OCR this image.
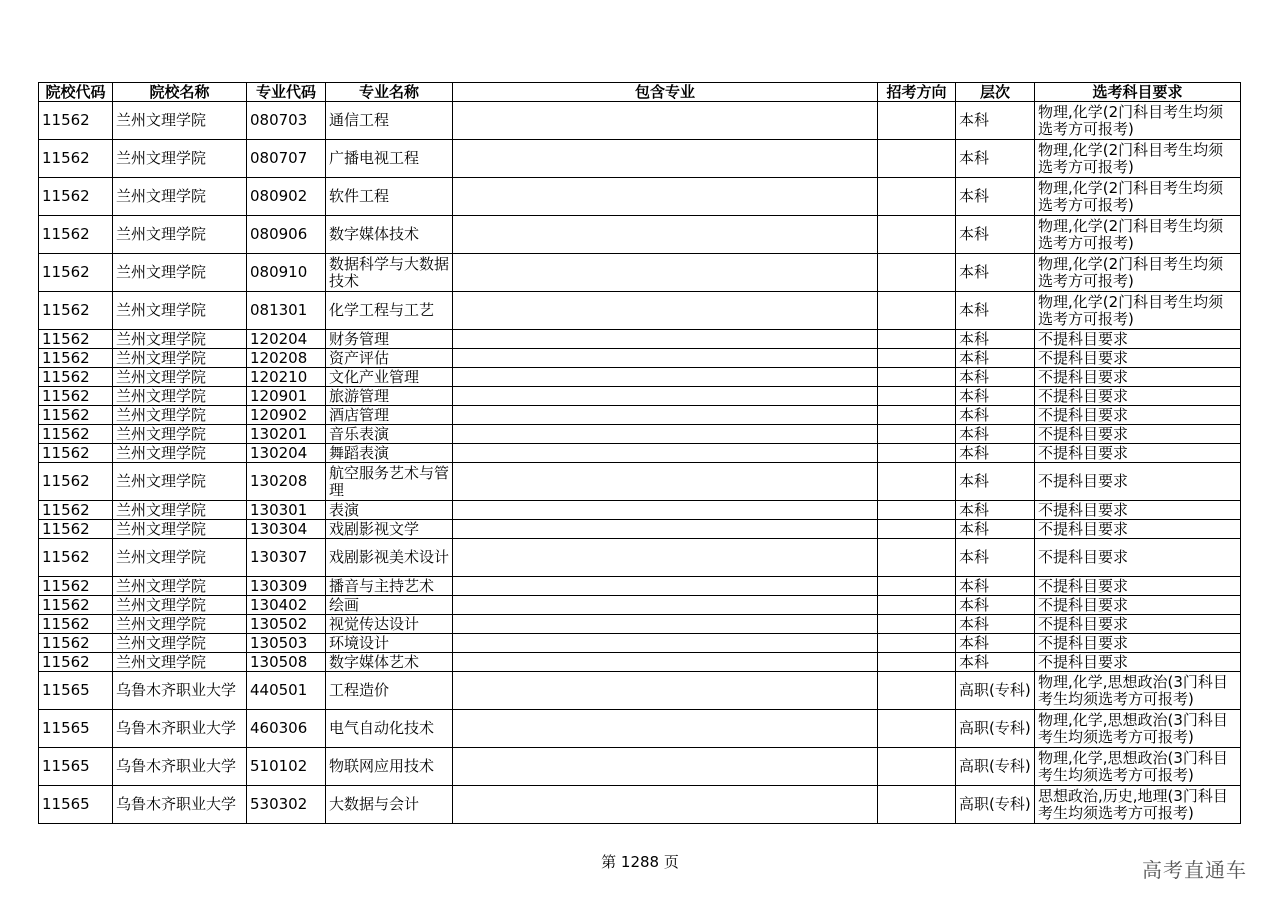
院校代码	院校名称	专业代码	专业名称	包含专业	招考方向	层次	选考科目要求
11562	兰州文理学院	080703	通信工程			本科	物理,化学(2门科目考生均须选考方可报考)
11562	兰州文理学院	080707	广播电视工程			本科	物理,化学(2门科目考生均须选考方可报考)
11562	兰州文理学院	080902	软件工程			本科	物理,化学(2门科目考生均须选考方可报考)
11562	兰州文理学院	080906	数字媒体技术			本科	物理,化学(2门科目考生均须选考方可报考)
11562	兰州文理学院	080910	数据科学与大数据技术			本科	物理,化学(2门科目考生均须选考方可报考)
11562	兰州文理学院	081301	化学工程与工艺			本科	物理,化学(2门科目考生均须选考方可报考)
11562	兰州文理学院	120204	财务管理			本科	不提科目要求
11562	兰州文理学院	120208	资产评估			本科	不提科目要求
11562	兰州文理学院	120210	文化产业管理			本科	不提科目要求
11562	兰州文理学院	120901	旅游管理			本科	不提科目要求
11562	兰州文理学院	120902	酒店管理			本科	不提科目要求
11562	兰州文理学院	130201	音乐表演			本科	不提科目要求
11562	兰州文理学院	130204	舞蹈表演			本科	不提科目要求
11562	兰州文理学院	130208	航空服务艺术与管理			本科	不提科目要求
11562	兰州文理学院	130301	表演			本科	不提科目要求
11562	兰州文理学院	130304	戏剧影视文学			本科	不提科目要求
11562	兰州文理学院	130307	戏剧影视美术设计			本科	不提科目要求
11562	兰州文理学院	130309	播音与主持艺术			本科	不提科目要求
11562	兰州文理学院	130402	绘画			本科	不提科目要求
11562	兰州文理学院	130502	视觉传达设计			本科	不提科目要求
11562	兰州文理学院	130503	环境设计			本科	不提科目要求
11562	兰州文理学院	130508	数字媒体艺术			本科	不提科目要求
11565	乌鲁木齐职业大学	440501	工程造价			高职(专科)	物理,化学,思想政治(3门科目考生均须选考方可报考)
11565	乌鲁木齐职业大学	460306	电气自动化技术			高职(专科)	物理,化学,思想政治(3门科目考生均须选考方可报考)
11565	乌鲁木齐职业大学	510102	物联网应用技术			高职(专科)	物理,化学,思想政治(3门科目考生均须选考方可报考)
11565	乌鲁木齐职业大学	530302	大数据与会计			高职(专科)	思想政治,历史,地理(3门科目考生均须选考方可报考)
第 1288 页	高考直通车
